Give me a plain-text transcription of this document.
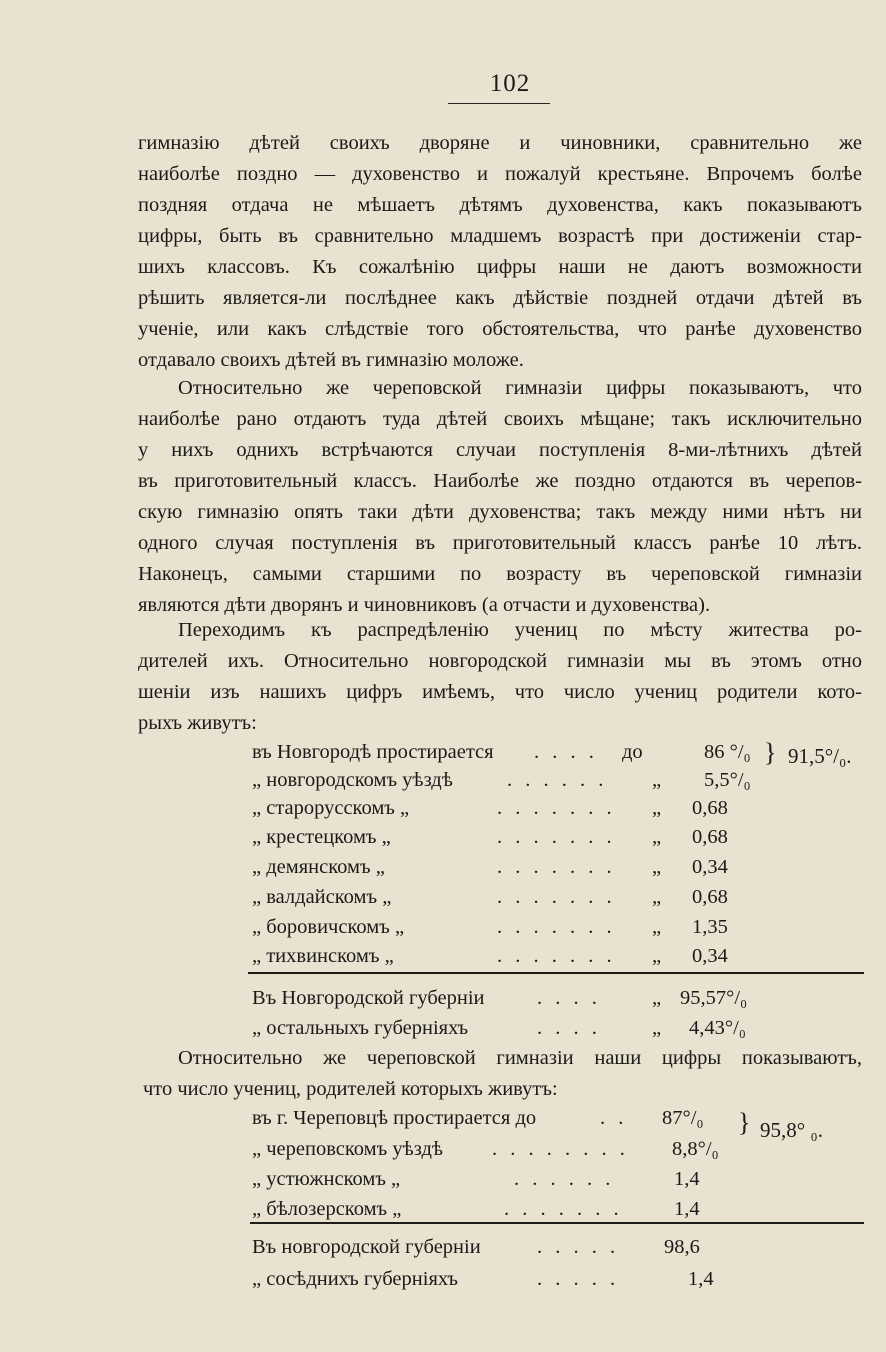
102
гимназію дѣтей своихъ дворяне и чиновники, сравнительно же
наиболѣе поздно — духовенство и пожалуй крестьяне. Впрочемъ болѣе
поздняя отдача не мѣшаетъ дѣтямъ духовенства, какъ показываютъ
цифры, быть въ сравнительно младшемъ возрастѣ при достиженіи стар-
шихъ классовъ. Къ сожалѣнію цифры наши не даютъ возможности
рѣшить является-ли послѣднее какъ дѣйствіе поздней отдачи дѣтей въ
ученіе, или какъ слѣдствіе того обстоятельства, что ранѣе духовенство
отдавало своихъ дѣтей въ гимназію моложе.
Относительно же череповской гимназіи цифры показываютъ, что
наиболѣе рано отдаютъ туда дѣтей своихъ мѣщане; такъ исключительно
у нихъ однихъ встрѣчаются случаи поступленія 8-ми-лѣтнихъ дѣтей
въ приготовительный классъ. Наиболѣе же поздно отдаются въ черепов-
скую гимназію опять таки дѣти духовенства; такъ между ними нѣтъ ни
одного случая поступленія въ приготовительный классъ ранѣе 10 лѣтъ.
Наконецъ, самыми старшими по возрасту въ череповской гимназіи
являются дѣти дворянъ и чиновниковъ (а отчасти и духовенства).
Переходимъ къ распредѣленію учениц по мѣсту житества ро-
дителей ихъ. Относительно новгородской гимназіи мы въ этомъ отно
шеніи изъ нашихъ цифръ имѣемъ, что число учениц родители кото-
рыхъ живутъ:
въ Новгородѣ простирается . . . . до	86 °/₀
„ новгородскомъ уѣздѣ	. . . . . . „ 5,5°/₀
„ старорусскомъ „	. . . . . . . „ 0,68
„ крестецкомъ „	. . . . . . . „ 0,68
„ демянскомъ „	. . . . . . . „ 0,34
„ валдайскомъ „	. . . . . . . „ 0,68
„ боровичскомъ „	. . . . . . . „ 1,35
„ тихвинскомъ „	. . . . . . . „ 0,34
} 91,5°/₀.
Въ Новгородской губерніи	. . . . „ 95,57°/₀
„ остальныхъ губерніяхъ	. . . . „ 4,43°/₀
Относительно же череповской гимназіи наши цифры показываютъ,
что число учениц, родителей которыхъ живутъ:
въ г. Череповцѣ простирается до	. . 87°/₀
„ череповскомъ уѣздѣ . . . . . . . . 8,8°/₀
„ устюжнскомъ „	. . . . . .	1,4
„ бѣлозерскомъ „	. . . . . . .	1,4
} 95,8° ₀.
Въ новгородской губерніи	. . . . . 98,6
„ сосѣднихъ губерніяхъ	. . . . .	1,4
